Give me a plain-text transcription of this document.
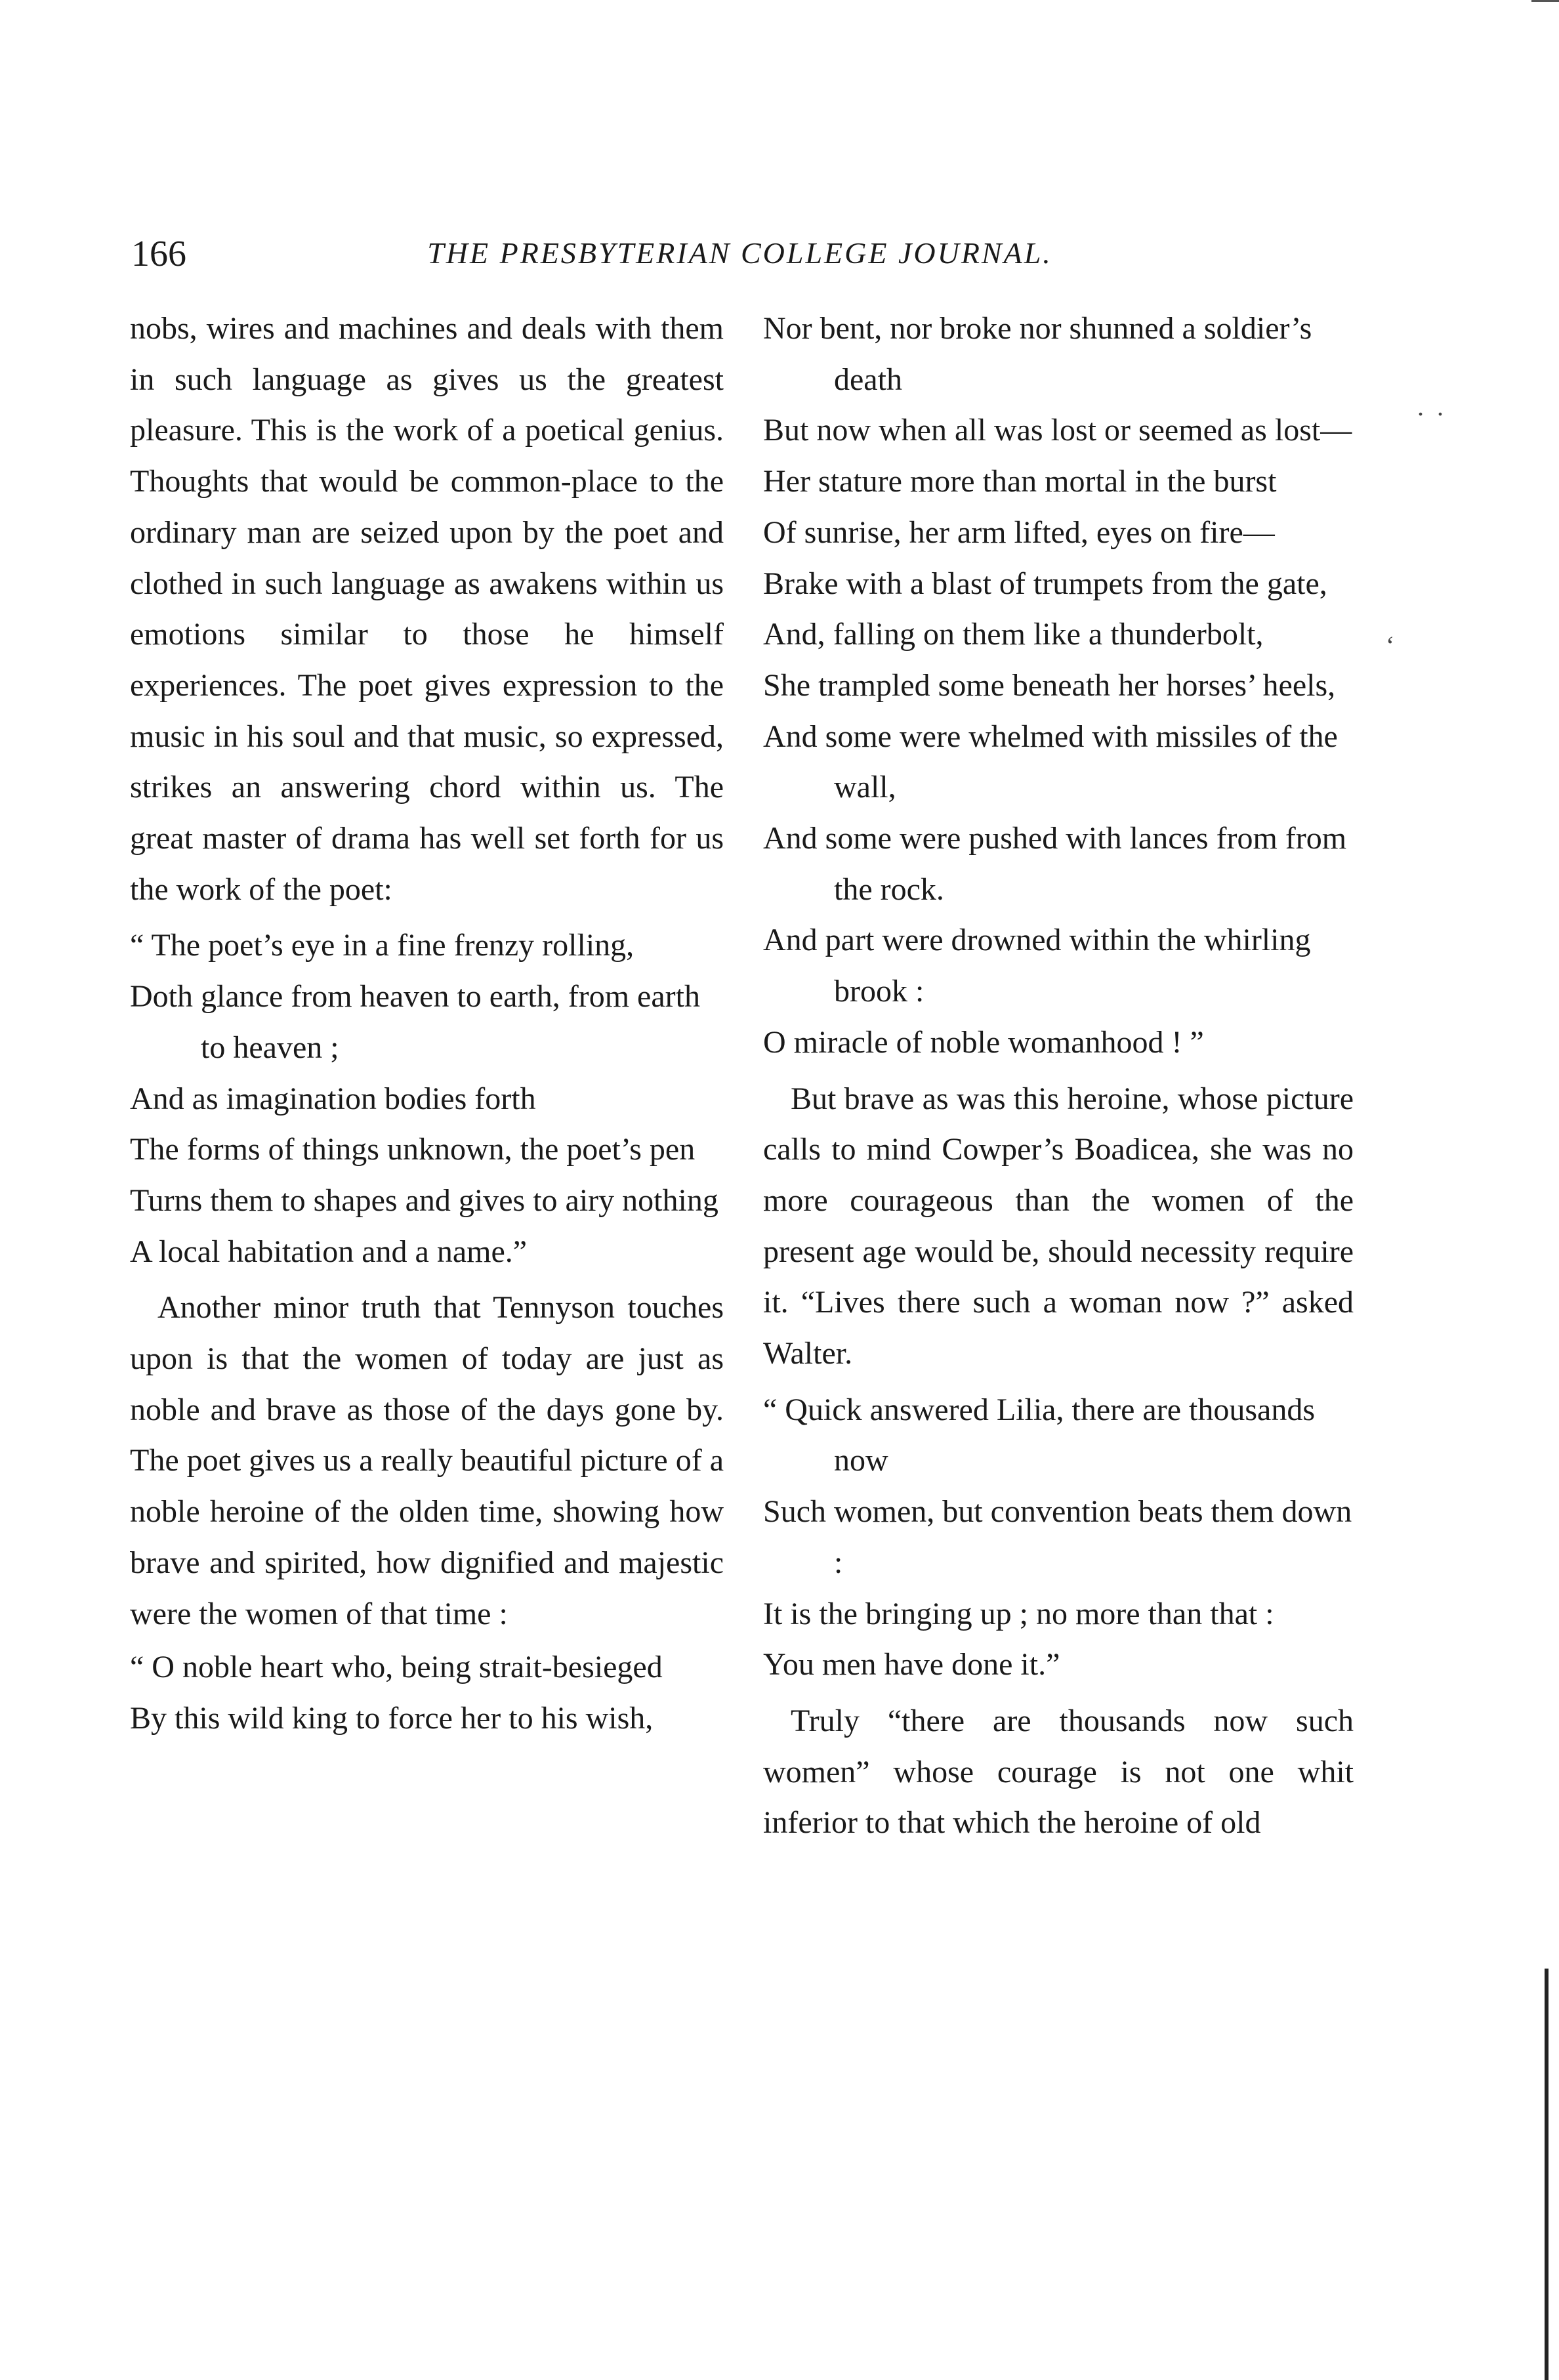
166	THE PRESBYTERIAN COLLEGE JOURNAL.

nobs, wires and machines and deals with them in such language as gives us the greatest pleasure. This is the work of a poetical genius. Thoughts that would be common-place to the ordinary man are seized upon by the poet and clothed in such language as awakens within us emotions similar to those he himself experiences. The poet gives expression to the music in his soul and that music, so expressed, strikes an answering chord within us. The great master of drama has well set forth for us the work of the poet:

“ The poet’s eye in a fine frenzy rolling,

Doth glance from heaven to earth, from earth to heaven ;

And as imagination bodies forth

The forms of things unknown, the poet’s pen

Turns them to shapes and gives to airy nothing

A local habitation and a name.”

Another minor truth that Tennyson touches upon is that the women of today are just as noble and brave as those of the days gone by. The poet gives us a really beautiful picture of a noble heroine of the olden time, showing how brave and spirited, how dignified and majestic were the women of that time :

“ O noble heart who, being strait-besieged

By this wild king to force her to his wish,

Nor bent, nor broke nor shunned a soldier’s death

But now when all was lost or seemed as lost—

Her stature more than mortal in the burst

Of sunrise, her arm lifted, eyes on fire—

Brake with a blast of trumpets from the gate,

And, falling on them like a thunderbolt,

She trampled some beneath her horses’ heels,

And some were whelmed with missiles of the wall,

And some were pushed with lances from from the rock.

And part were drowned within the whirling brook :

O miracle of noble womanhood ! ”

But brave as was this heroine, whose picture calls to mind Cowper’s Boadicea, she was no more courageous than the women of the present age would be, should necessity require it. “Lives there such a woman now ?” asked Walter.

“ Quick answered Lilia, there are thousands now

Such women, but convention beats them down :

It is the bringing up ; no more than that :

You men have done it.”

Truly “there are thousands now such women” whose courage is not one whit inferior to that which the heroine of old

.  .
‘
